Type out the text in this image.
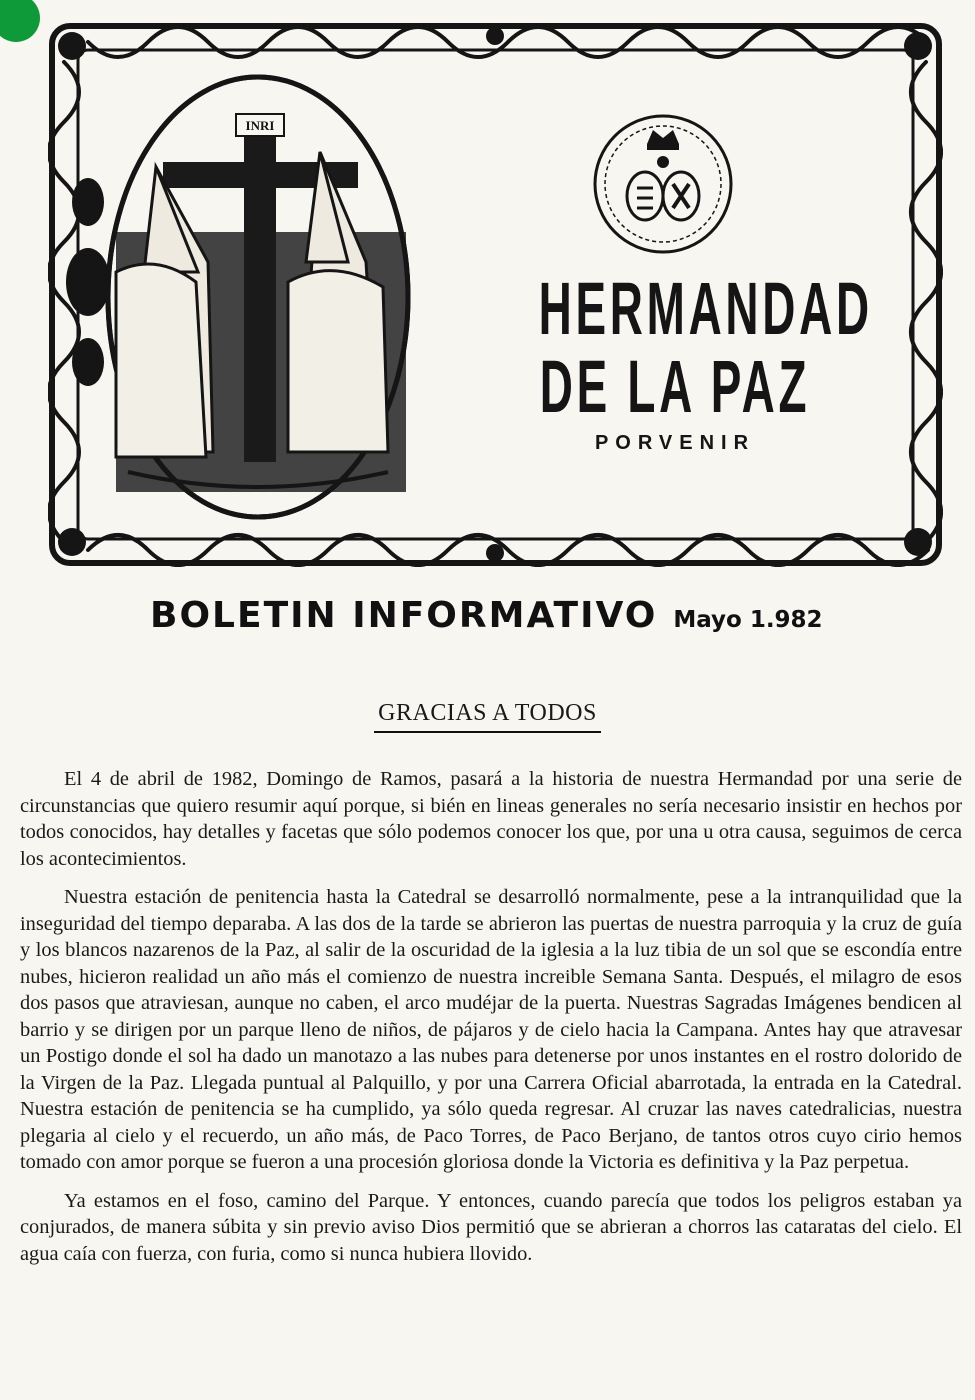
INRI
HERMANDAD
DE LA PAZ
PORVENIR
BOLETIN INFORMATIVO Mayo 1.982
GRACIAS A TODOS

El 4 de abril de 1982, Domingo de Ramos, pasará a la historia de nuestra Hermandad por una serie de circunstancias que quiero resumir aquí porque, si bién en lineas generales no sería necesario insistir en hechos por todos conocidos, hay detalles y facetas que sólo podemos conocer los que, por una u otra causa, seguimos de cerca los acontecimientos.

Nuestra estación de penitencia hasta la Catedral se desarrolló normalmente, pese a la intranquilidad que la inseguridad del tiempo deparaba. A las dos de la tarde se abrieron las puertas de nuestra parroquia y la cruz de guía y los blancos nazarenos de la Paz, al salir de la oscuridad de la iglesia a la luz tibia de un sol que se escondía entre nubes, hicieron realidad un año más el comienzo de nuestra increible Semana Santa. Después, el milagro de esos dos pasos que atraviesan, aunque no caben, el arco mudéjar de la puerta. Nuestras Sagradas Imágenes bendicen al barrio y se dirigen por un parque lleno de niños, de pájaros y de cielo hacia la Campana. Antes hay que atravesar un Postigo donde el sol ha dado un manotazo a las nubes para detenerse por unos instantes en el rostro dolorido de la Virgen de la Paz. Llegada puntual al Palquillo, y por una Carrera Oficial abarrotada, la entrada en la Catedral. Nuestra estación de penitencia se ha cumplido, ya sólo queda regresar. Al cruzar las naves catedralicias, nuestra plegaria al cielo y el recuerdo, un año más, de Paco Torres, de Paco Berjano, de tantos otros cuyo cirio hemos tomado con amor porque se fueron a una procesión gloriosa donde la Victoria es definitiva y la Paz perpetua.

Ya estamos en el foso, camino del Parque. Y entonces, cuando parecía que todos los peligros estaban ya conjurados, de manera súbita y sin previo aviso Dios permitió que se abrieran a chorros las cataratas del cielo. El agua caía con fuerza, con furia, como si nunca hubiera llovido.
